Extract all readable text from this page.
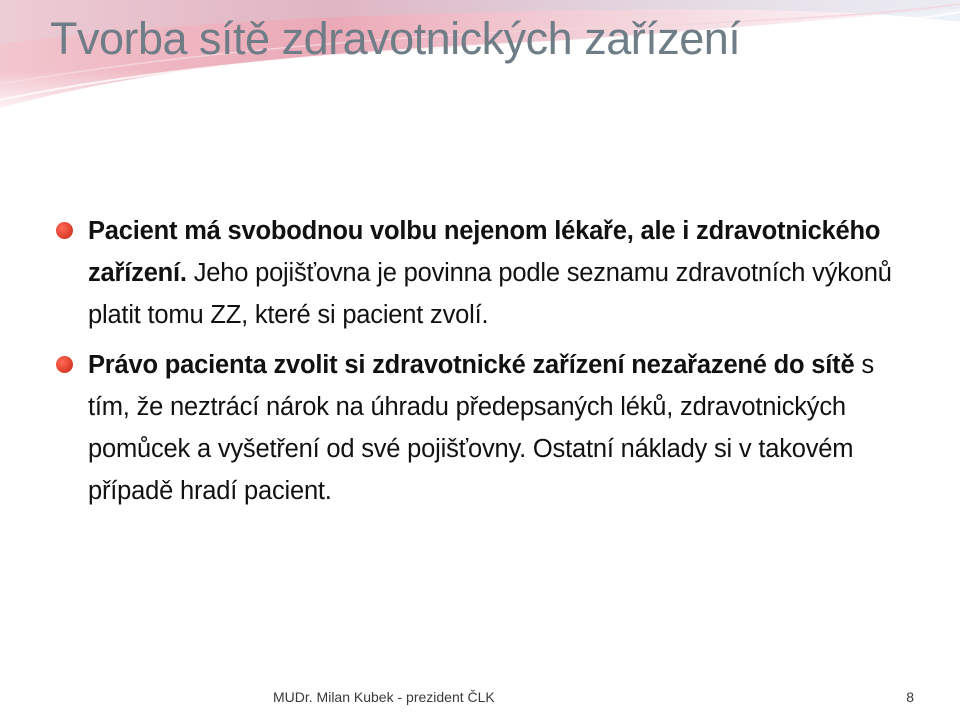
Tvorba sítě zdravotnických zařízení
Pacient má svobodnou volbu nejenom lékaře, ale i zdravotnického zařízení. Jeho pojišťovna je povinna podle seznamu zdravotních výkonů platit tomu ZZ, které si pacient zvolí.
Právo pacienta zvolit si zdravotnické zařízení nezařazené do sítě s tím, že neztrácí nárok na úhradu předepsaných léků, zdravotnických pomůcek a vyšetření od své pojišťovny. Ostatní náklady si v takovém případě hradí pacient.
MUDr. Milan Kubek - prezident ČLK	8
